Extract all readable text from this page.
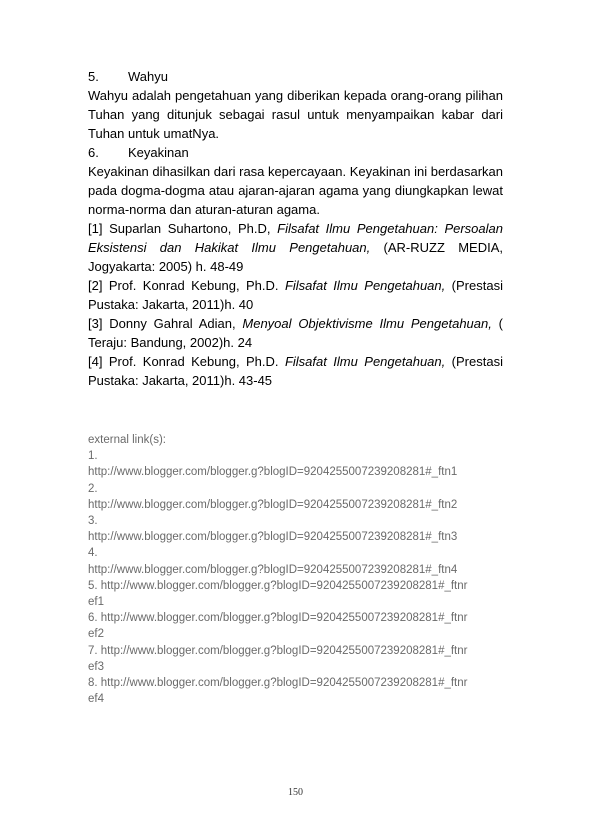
5.	Wahyu
Wahyu adalah pengetahuan yang diberikan kepada orang-orang pilihan Tuhan yang ditunjuk sebagai rasul untuk menyampaikan kabar dari Tuhan untuk umatNya.
6.	Keyakinan
Keyakinan dihasilkan dari rasa kepercayaan. Keyakinan ini berdasarkan pada dogma-dogma atau ajaran-ajaran agama yang diungkapkan lewat norma-norma dan aturan-aturan agama.
[1] Suparlan Suhartono, Ph.D, Filsafat Ilmu Pengetahuan: Persoalan Eksistensi dan Hakikat Ilmu Pengetahuan, (AR-RUZZ MEDIA, Jogyakarta: 2005) h. 48-49
[2] Prof. Konrad Kebung, Ph.D. Filsafat Ilmu Pengetahuan, (Prestasi Pustaka: Jakarta, 2011)h. 40
[3] Donny Gahral Adian, Menyoal Objektivisme Ilmu Pengetahuan, ( Teraju: Bandung, 2002)h. 24
[4] Prof. Konrad Kebung, Ph.D. Filsafat Ilmu Pengetahuan, (Prestasi Pustaka: Jakarta, 2011)h. 43-45
external link(s):
1.
http://www.blogger.com/blogger.g?blogID=9204255007239208281#_ftn1
2.
http://www.blogger.com/blogger.g?blogID=9204255007239208281#_ftn2
3.
http://www.blogger.com/blogger.g?blogID=9204255007239208281#_ftn3
4.
http://www.blogger.com/blogger.g?blogID=9204255007239208281#_ftn4
5. http://www.blogger.com/blogger.g?blogID=9204255007239208281#_ftnr
ef1
6. http://www.blogger.com/blogger.g?blogID=9204255007239208281#_ftnr
ef2
7. http://www.blogger.com/blogger.g?blogID=9204255007239208281#_ftnr
ef3
8. http://www.blogger.com/blogger.g?blogID=9204255007239208281#_ftnr
ef4
150
